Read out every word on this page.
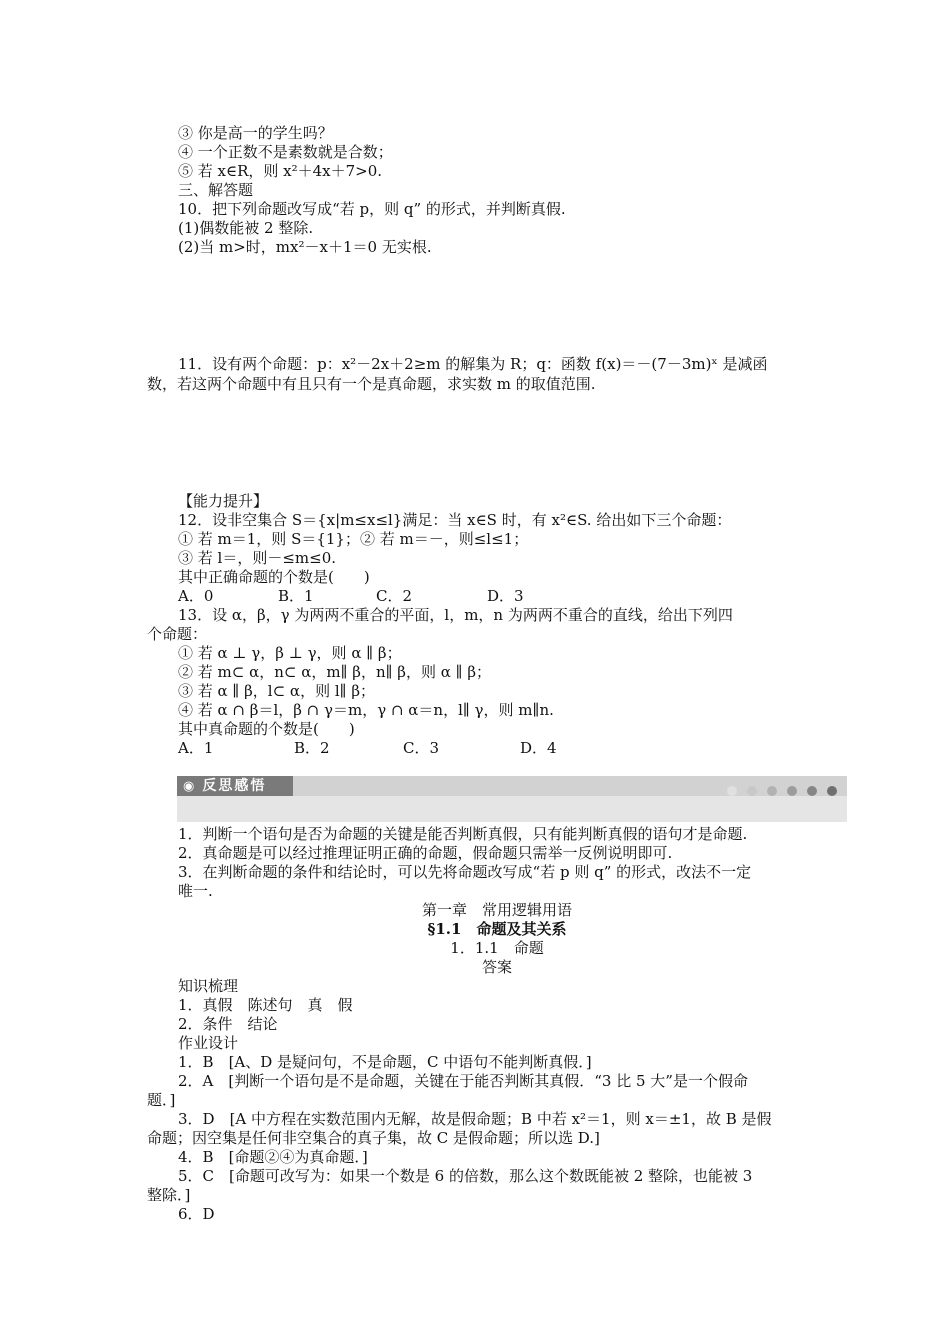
③ 你是高一的学生吗？
④ 一个正数不是素数就是合数；
⑤ 若 x∈R，则 x²＋4x＋7>0.
三、解答题
10．把下列命题改写成“若 p，则 q” 的形式，并判断真假.
(1)偶数能被 2 整除.
(2)当 m>时，mx²－x＋1＝0 无实根.
11．设有两个命题：p：x²－2x＋2≥m 的解集为 R；q：函数 f(x)＝－(7－3m)ˣ 是减函
数，若这两个命题中有且只有一个是真命题，求实数 m 的取值范围.
【能力提升】
12．设非空集合 S＝{x|m≤x≤l}满足：当 x∈S 时，有 x²∈S. 给出如下三个命题：
① 若 m＝1，则 S＝{1}；② 若 m＝－，则≤l≤1；
③ 若 l＝，则－≤m≤0.
其中正确命题的个数是(　　)
A．0	B．1	C．2	D．3
13．设 α，β，γ 为两两不重合的平面，l，m，n 为两两不重合的直线，给出下列四
个命题：
① 若 α ⊥ γ，β ⊥ γ，则 α ∥ β；
② 若 m⊂ α，n⊂ α，m∥ β，n∥ β，则 α ∥ β；
③ 若 α ∥ β，l⊂ α，则 l∥ β；
④ 若 α ∩ β＝l，β ∩ γ＝m，γ ∩ α＝n，l∥ γ，则 m∥n.
其中真命题的个数是(　　)
A．1	B．2	C．3	D．4
◉ 反思感悟
1．判断一个语句是否为命题的关键是能否判断真假，只有能判断真假的语句才是命题.
2．真命题是可以经过推理证明正确的命题，假命题只需举一反例说明即可.
3．在判断命题的条件和结论时，可以先将命题改写成“若 p 则 q” 的形式，改法不一定
唯一.
第一章　常用逻辑用语
§1.1　命题及其关系
1．1.1　命题
答案
知识梳理
1．真假　陈述句　真　假
2．条件　结论
作业设计
1．B　[A、D 是疑问句，不是命题，C 中语句不能判断真假．]
2．A　[判断一个语句是不是命题，关键在于能否判断其真假．“3 比 5 大”是一个假命
题．]
3．D　[A 中方程在实数范围内无解，故是假命题；B 中若 x²＝1，则 x＝±1，故 B 是假
命题；因空集是任何非空集合的真子集，故 C 是假命题；所以选 D.]
4．B　[命题②④为真命题．]
5．C　[命题可改写为：如果一个数是 6 的倍数，那么这个数既能被 2 整除，也能被 3
整除．]
6．D
